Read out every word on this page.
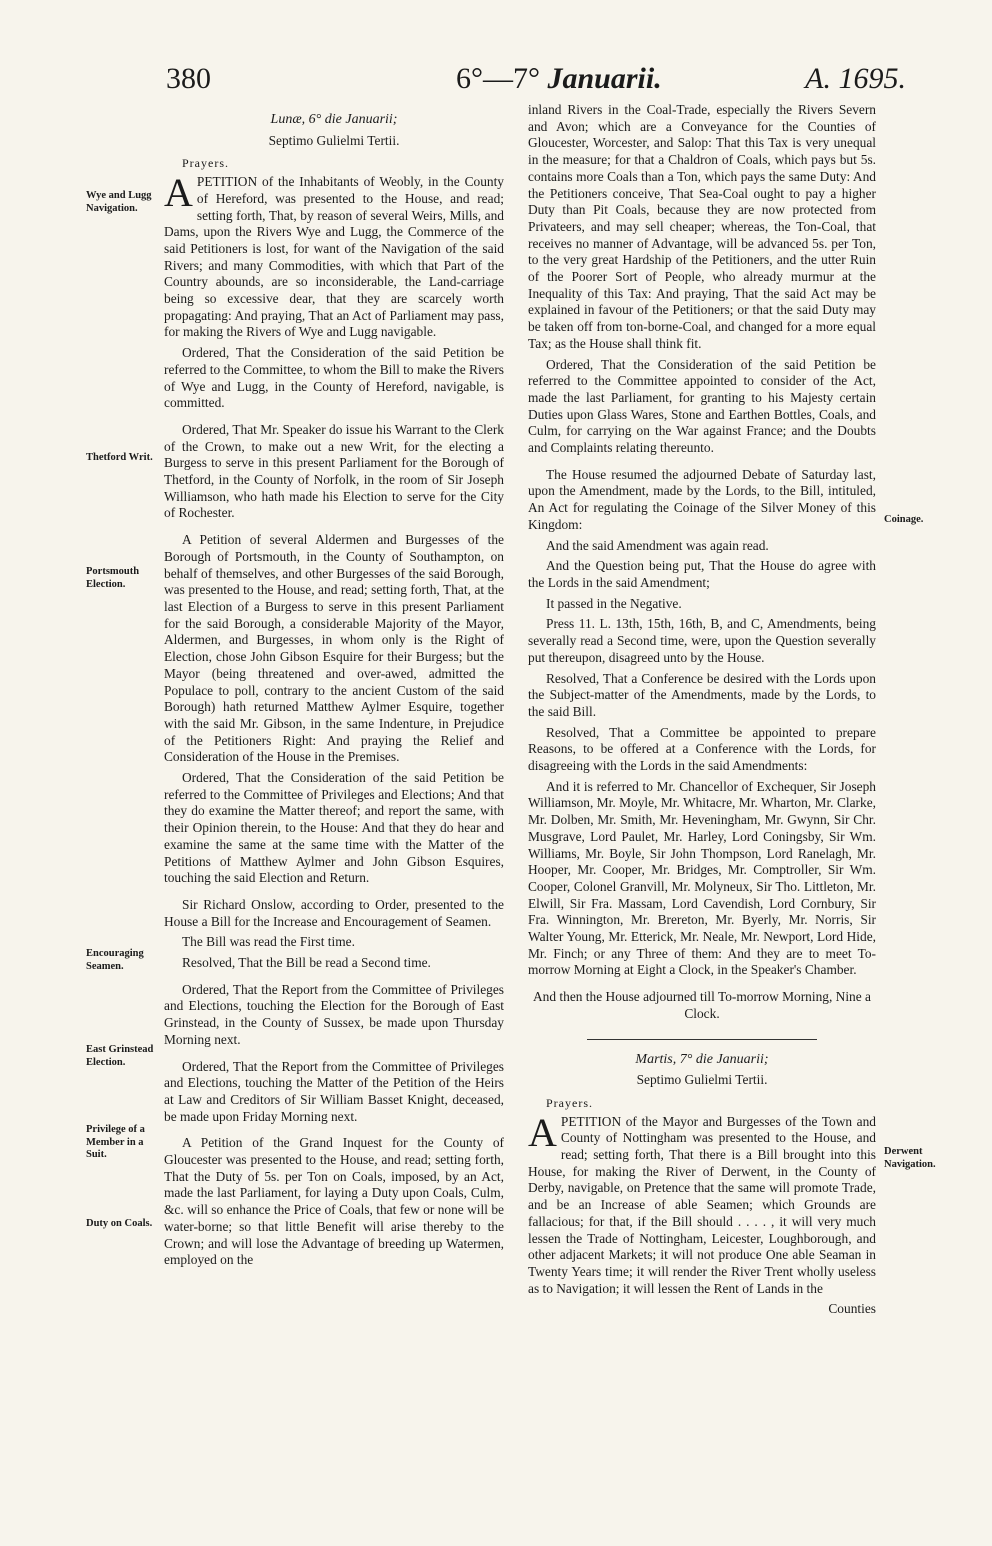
380	6°—7° Januarii.	A. 1695.
Wye and Lugg Navigation.
Thetford Writ.
Portsmouth Election.
Encouraging Seamen.
East Grinstead Election.
Privilege of a Member in a Suit.
Duty on Coals.
Coinage.
Derwent Navigation.
Lunæ, 6° die Januarii;
Septimo Gulielmi Tertii.
Prayers.

A PETITION of the Inhabitants of Weobly, in the County of Hereford, was presented to the House, and read; setting forth, That, by reason of several Weirs, Mills, and Dams, upon the Rivers Wye and Lugg, the Commerce of the said Petitioners is lost, for want of the Navigation of the said Rivers; and many Commodities, with which that Part of the Country abounds, are so inconsiderable, the Land-carriage being so excessive dear, that they are scarcely worth propagating: And praying, That an Act of Parliament may pass, for making the Rivers of Wye and Lugg navigable.

Ordered, That the Consideration of the said Petition be referred to the Committee, to whom the Bill to make the Rivers of Wye and Lugg, in the County of Hereford, navigable, is committed.

Ordered, That Mr. Speaker do issue his Warrant to the Clerk of the Crown, to make out a new Writ, for the electing a Burgess to serve in this present Parliament for the Borough of Thetford, in the County of Norfolk, in the room of Sir Joseph Williamson, who hath made his Election to serve for the City of Rochester.

A Petition of several Aldermen and Burgesses of the Borough of Portsmouth, in the County of Southampton, on behalf of themselves, and other Burgesses of the said Borough, was presented to the House, and read; setting forth, That, at the last Election of a Burgess to serve in this present Parliament for the said Borough, a considerable Majority of the Mayor, Aldermen, and Burgesses, in whom only is the Right of Election, chose John Gibson Esquire for their Burgess; but the Mayor (being threatened and over-awed, admitted the Populace to poll, contrary to the ancient Custom of the said Borough) hath returned Matthew Aylmer Esquire, together with the said Mr. Gibson, in the same Indenture, in Prejudice of the Petitioners Right: And praying the Relief and Consideration of the House in the Premises.

Ordered, That the Consideration of the said Petition be referred to the Committee of Privileges and Elections; And that they do examine the Matter thereof; and report the same, with their Opinion therein, to the House: And that they do hear and examine the same at the same time with the Matter of the Petitions of Matthew Aylmer and John Gibson Esquires, touching the said Election and Return.

Sir Richard Onslow, according to Order, presented to the House a Bill for the Increase and Encouragement of Seamen.

The Bill was read the First time.

Resolved, That the Bill be read a Second time.

Ordered, That the Report from the Committee of Privileges and Elections, touching the Election for the Borough of East Grinstead, in the County of Sussex, be made upon Thursday Morning next.

Ordered, That the Report from the Committee of Privileges and Elections, touching the Matter of the Petition of the Heirs at Law and Creditors of Sir William Basset Knight, deceased, be made upon Friday Morning next.

A Petition of the Grand Inquest for the County of Gloucester was presented to the House, and read; setting forth, That the Duty of 5s. per Ton on Coals, imposed, by an Act, made the last Parliament, for laying a Duty upon Coals, Culm, &c. will so enhance the Price of Coals, that few or none will be water-borne; so that little Benefit will arise thereby to the Crown; and will lose the Advantage of breeding up Watermen, employed on the

inland Rivers in the Coal-Trade, especially the Rivers Severn and Avon; which are a Conveyance for the Counties of Gloucester, Worcester, and Salop: That this Tax is very unequal in the measure; for that a Chaldron of Coals, which pays but 5s. contains more Coals than a Ton, which pays the same Duty: And the Petitioners conceive, That Sea-Coal ought to pay a higher Duty than Pit Coals, because they are now protected from Privateers, and may sell cheaper; whereas, the Ton-Coal, that receives no manner of Advantage, will be advanced 5s. per Ton, to the very great Hardship of the Petitioners, and the utter Ruin of the Poorer Sort of People, who already murmur at the Inequality of this Tax: And praying, That the said Act may be explained in favour of the Petitioners; or that the said Duty may be taken off from ton-borne-Coal, and changed for a more equal Tax; as the House shall think fit.

Ordered, That the Consideration of the said Petition be referred to the Committee appointed to consider of the Act, made the last Parliament, for granting to his Majesty certain Duties upon Glass Wares, Stone and Earthen Bottles, Coals, and Culm, for carrying on the War against France; and the Doubts and Complaints relating thereunto.

The House resumed the adjourned Debate of Saturday last, upon the Amendment, made by the Lords, to the Bill, intituled, An Act for regulating the Coinage of the Silver Money of this Kingdom:

And the said Amendment was again read.

And the Question being put, That the House do agree with the Lords in the said Amendment;

It passed in the Negative.

Press 11. L. 13th, 15th, 16th, B, and C, Amendments, being severally read a Second time, were, upon the Question severally put thereupon, disagreed unto by the House.

Resolved, That a Conference be desired with the Lords upon the Subject-matter of the Amendments, made by the Lords, to the said Bill.

Resolved, That a Committee be appointed to prepare Reasons, to be offered at a Conference with the Lords, for disagreeing with the Lords in the said Amendments:

And it is referred to Mr. Chancellor of Exchequer, Sir Joseph Williamson, Mr. Moyle, Mr. Whitacre, Mr. Wharton, Mr. Clarke, Mr. Dolben, Mr. Smith, Mr. Heveningham, Mr. Gwynn, Sir Chr. Musgrave, Lord Paulet, Mr. Harley, Lord Coningsby, Sir Wm. Williams, Mr. Boyle, Sir John Thompson, Lord Ranelagh, Mr. Hooper, Mr. Cooper, Mr. Bridges, Mr. Comptroller, Sir Wm. Cooper, Colonel Granvill, Mr. Molyneux, Sir Tho. Littleton, Mr. Elwill, Sir Fra. Massam, Lord Cavendish, Lord Cornbury, Sir Fra. Winnington, Mr. Brereton, Mr. Byerly, Mr. Norris, Sir Walter Young, Mr. Etterick, Mr. Neale, Mr. Newport, Lord Hide, Mr. Finch; or any Three of them: And they are to meet To-morrow Morning at Eight a Clock, in the Speaker's Chamber.

And then the House adjourned till To-morrow Morning, Nine a Clock.

Martis, 7° die Januarii;
Septimo Gulielmi Tertii.
Prayers.

A PETITION of the Mayor and Burgesses of the Town and County of Nottingham was presented to the House, and read; setting forth, That there is a Bill brought into this House, for making the River of Derwent, in the County of Derby, navigable, on Pretence that the same will promote Trade, and be an Increase of able Seamen; which Grounds are fallacious; for that, if the Bill should . . . . , it will very much lessen the Trade of Nottingham, Leicester, Loughborough, and other adjacent Markets; it will not produce One able Seaman in Twenty Years time; it will render the River Trent wholly useless as to Navigation; it will lessen the Rent of Lands in the

Counties
